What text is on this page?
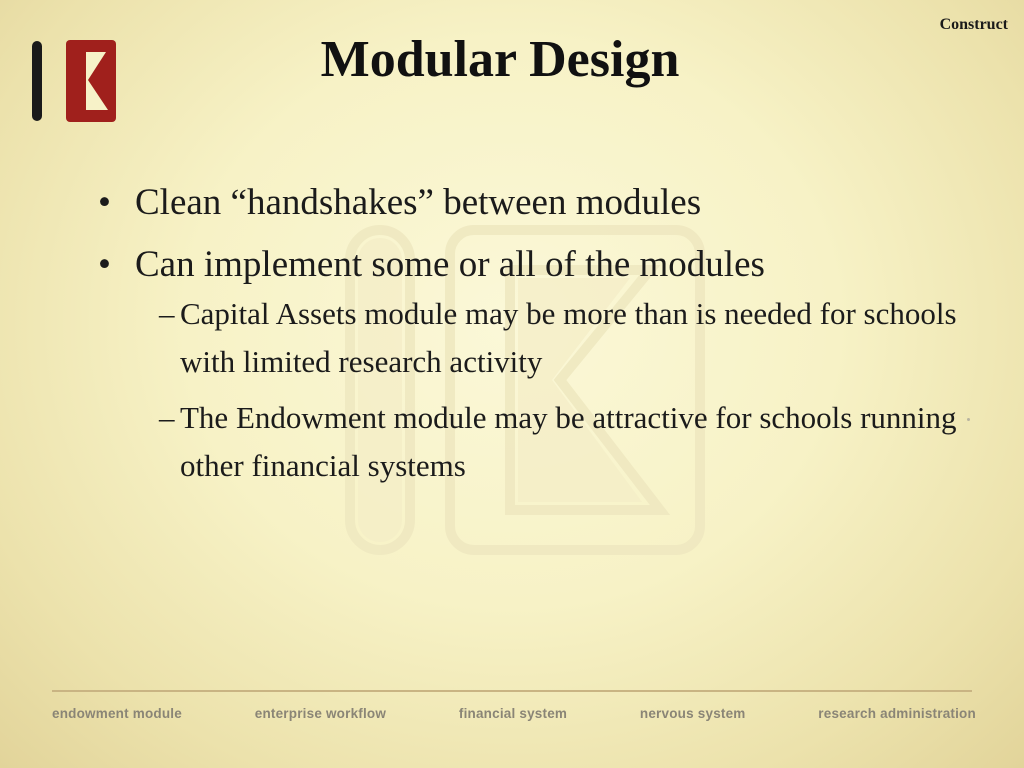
Construct
Modular Design
• Clean “handshakes” between modules
• Can implement some or all of the modules
– Capital Assets module may be more than is needed for schools with limited research activity
– The Endowment module may be attractive for schools running other financial systems
endowment module	enterprise workflow	financial system	nervous system	research administration
